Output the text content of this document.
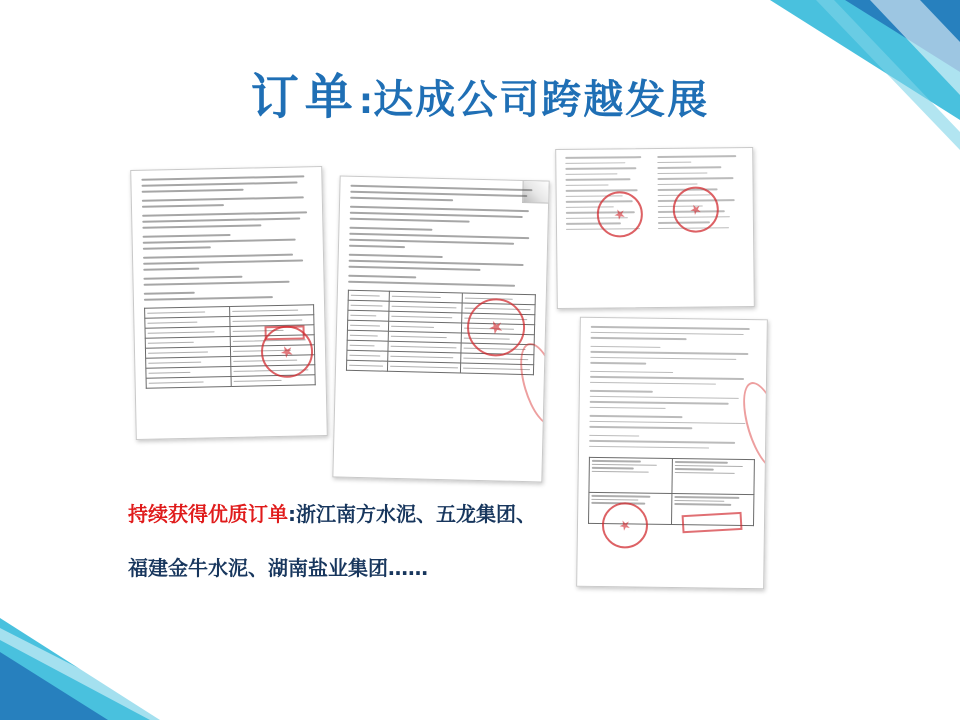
订单:达成公司跨越发展

持续获得优质订单:浙江南方水泥、五龙集团、
福建金牛水泥、湖南盐业集团……
